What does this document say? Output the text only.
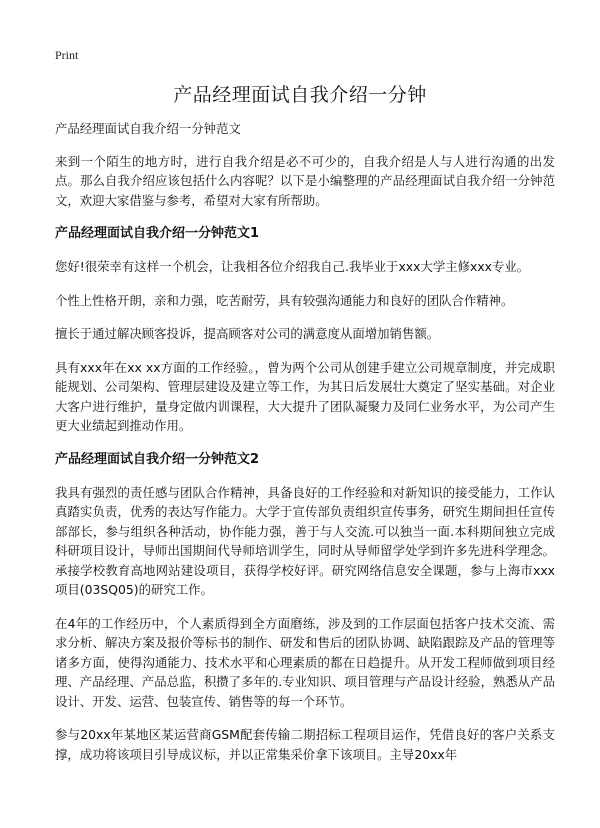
Print
产品经理面试自我介绍一分钟

产品经理面试自我介绍一分钟范文

来到一个陌生的地方时，进行自我介绍是必不可少的，自我介绍是人与人进行沟通的出发点。那么自我介绍应该包括什么内容呢？以下是小编整理的产品经理面试自我介绍一分钟范文，欢迎大家借鉴与参考，希望对大家有所帮助。

产品经理面试自我介绍一分钟范文1

您好!很荣幸有这样一个机会，让我相各位介绍我自己.我毕业于xxx大学主修xxx专业。

个性上性格开朗，亲和力强，吃苦耐劳，具有较强沟通能力和良好的团队合作精神。

擅长于通过解决顾客投诉，提高顾客对公司的满意度从面增加销售额。

具有xxx年在xx xx方面的工作经验。，曾为两个公司从创建手建立公司规章制度，并完成职能规划、公司架构、管理层建设及建立等工作，为其日后发展壮大奠定了坚实基础。对企业大客户进行维护，量身定做内训课程，大大提升了团队凝聚力及同仁业务水平，为公司产生更大业绩起到推动作用。

产品经理面试自我介绍一分钟范文2

我具有强烈的责任感与团队合作精神，具备良好的工作经验和对新知识的接受能力，工作认真踏实负责，优秀的表达写作能力。大学于宣传部负责组织宣传事务，研究生期间担任宣传部部长，参与组织各种活动，协作能力强，善于与人交流.可以独当一面.本科期间独立完成科研项目设计，导师出国期间代导师培训学生，同时从导师留学处学到许多先进科学理念。承接学校教育高地网站建设项目，获得学校好评。研究网络信息安全课题，参与上海市xxx项目(03SQ05)的研究工作。

在4年的工作经历中，个人素质得到全方面磨练，涉及到的工作层面包括客户技术交流、需求分析、解决方案及报价等标书的制作、研发和售后的团队协调、缺陷跟踪及产品的管理等诸多方面，使得沟通能力、技术水平和心理素质的都在日趋提升。从开发工程师做到项目经理、产品经理、产品总监，积攒了多年的.专业知识、项目管理与产品设计经验，熟悉从产品设计、开发、运营、包装宣传、销售等的每一个环节。

参与20xx年某地区某运营商GSM配套传输二期招标工程项目运作，凭借良好的客户关系支撑，成功将该项目引导成议标，并以正常集采价拿下该项目。主导20xx年
